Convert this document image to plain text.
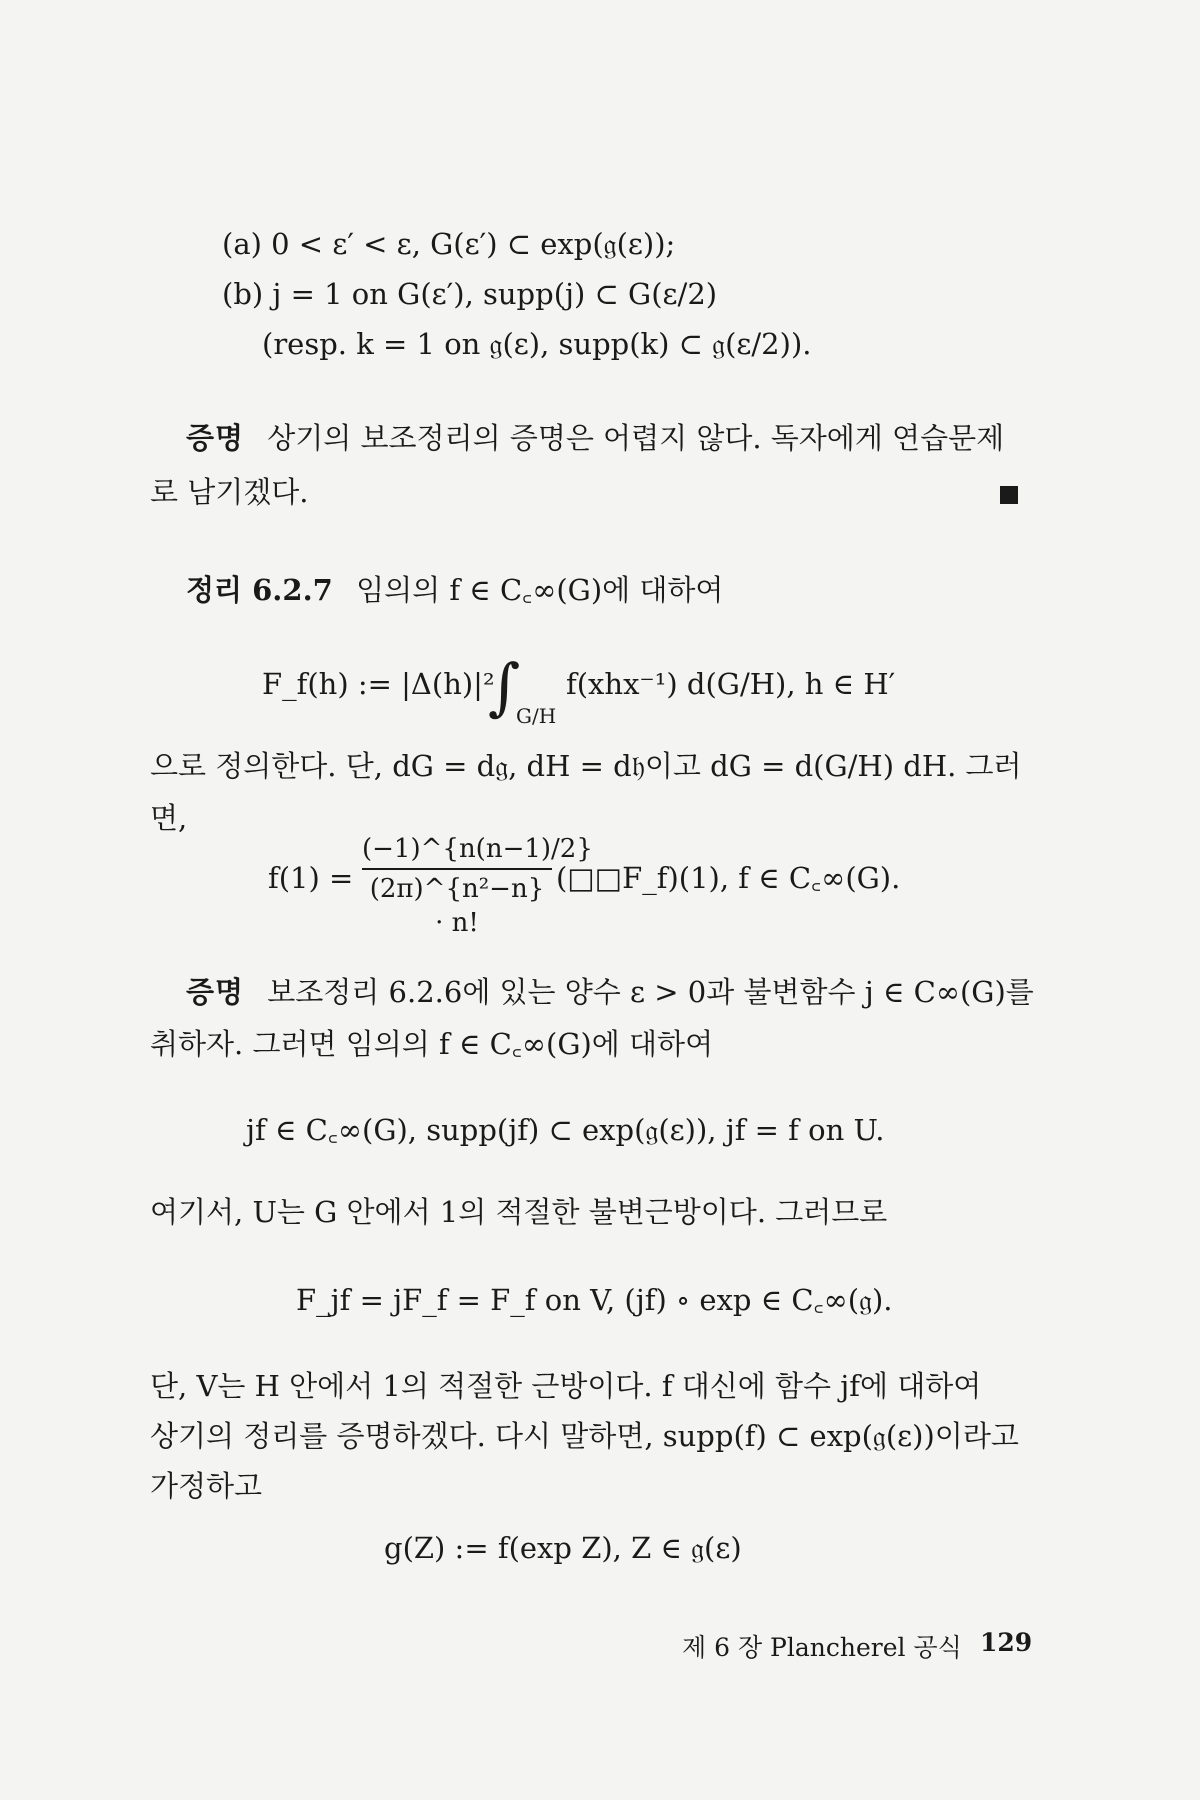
(a) 0 < ε′ < ε, G(ε′) ⊂ exp(𝔤(ε));
(b) j = 1 on G(ε′), supp(j) ⊂ G(ε/2)
(resp. k = 1 on 𝔤(ε), supp(k) ⊂ 𝔤(ε/2)).
증명 상기의 보조정리의 증명은 어렵지 않다. 독자에게 연습문제
로 남기겠다.
정리 6.2.7 임의의 f ∈ C꜀∞(G)에 대하여
F_f(h) := |Δ(h)|²
∫
G/H
f(xhx⁻¹) d(G/H), h ∈ H′
으로 정의한다. 단, dG = d𝔤, dH = d𝔥이고 dG = d(G/H) dH. 그러
면,
$f(1) = \frac{(-1)\^{}\{n(n-1)/2\}}{\text{(2π)\textasciicircum{}\{n²−n\} · n!}}$ (□□F_f)(1), f ∈ C꜀∞(G).
증명 보조정리 6.2.6에 있는 양수 ε > 0과 불변함수 j ∈ C∞(G)를
취하자. 그러면 임의의 f ∈ C꜀∞(G)에 대하여
jf ∈ C꜀∞(G), supp(jf) ⊂ exp(𝔤(ε)), jf = f on U.
여기서, U는 G 안에서 1의 적절한 불변근방이다. 그러므로
F_jf = jF_f = F_f on V, (jf) ∘ exp ∈ C꜀∞(𝔤).
단, V는 H 안에서 1의 적절한 근방이다. f 대신에 함수 jf에 대하여
상기의 정리를 증명하겠다. 다시 말하면, supp(f) ⊂ exp(𝔤(ε))이라고
가정하고
g(Z) := f(exp Z), Z ∈ 𝔤(ε)
제 6 장 Plancherel 공식 129
